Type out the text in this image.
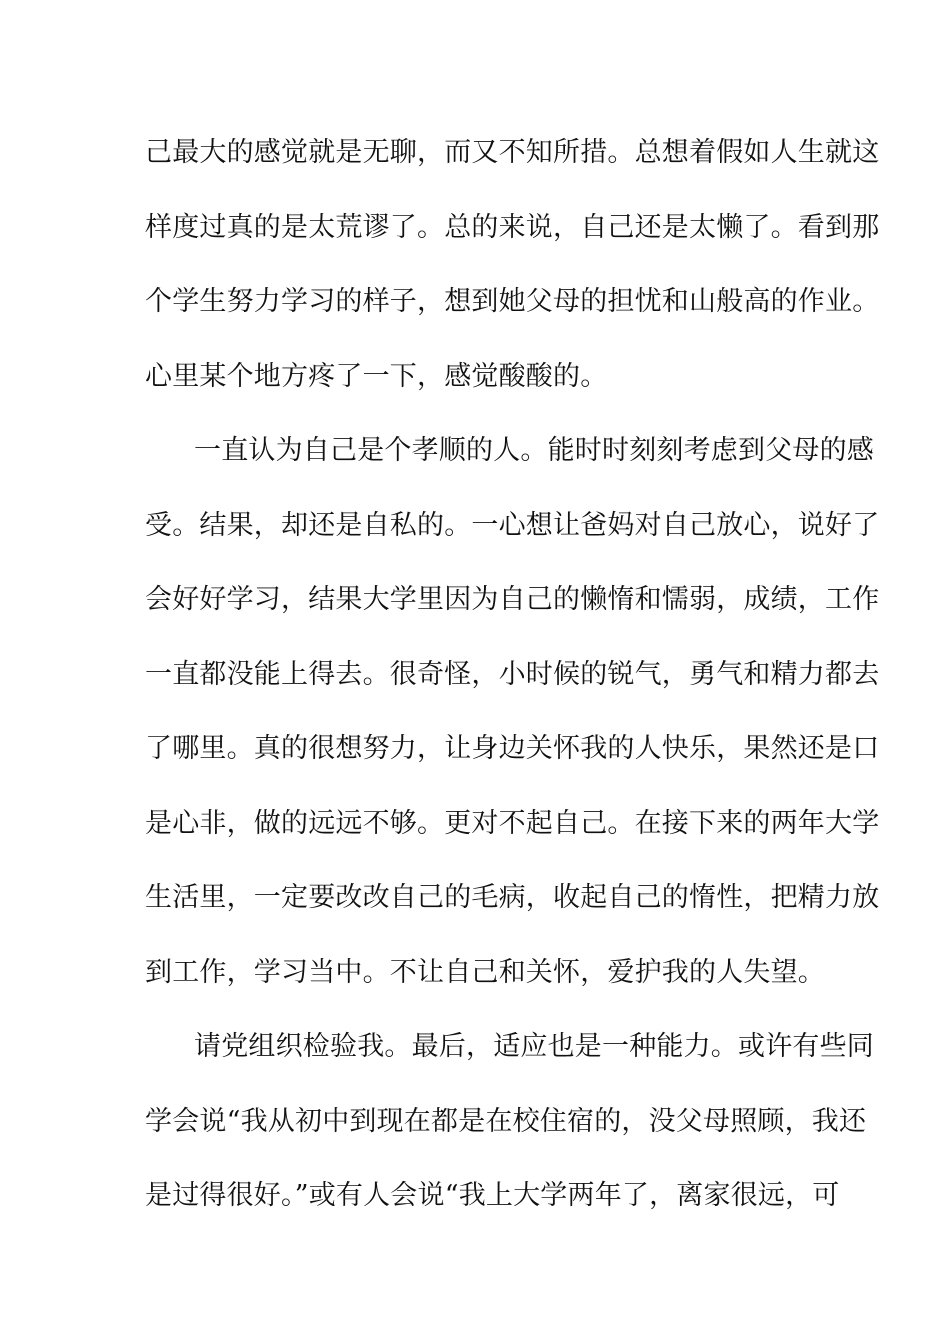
己最大的感觉就是无聊，而又不知所措。总想着假如人生就这
样度过真的是太荒谬了。总的来说，自己还是太懒了。看到那
个学生努力学习的样子，想到她父母的担忧和山般高的作业。
心里某个地方疼了一下，感觉酸酸的。
一直认为自己是个孝顺的人。能时时刻刻考虑到父母的感
受。结果，却还是自私的。一心想让爸妈对自己放心，说好了
会好好学习，结果大学里因为自己的懒惰和懦弱，成绩，工作
一直都没能上得去。很奇怪，小时候的锐气，勇气和精力都去
了哪里。真的很想努力，让身边关怀我的人快乐，果然还是口
是心非，做的远远不够。更对不起自己。在接下来的两年大学
生活里，一定要改改自己的毛病，收起自己的惰性，把精力放
到工作，学习当中。不让自己和关怀，爱护我的人失望。
请党组织检验我。最后，适应也是一种能力。或许有些同
学会说“我从初中到现在都是在校住宿的，没父母照顾，我还
是过得很好。”或有人会说“我上大学两年了，离家很远，可
